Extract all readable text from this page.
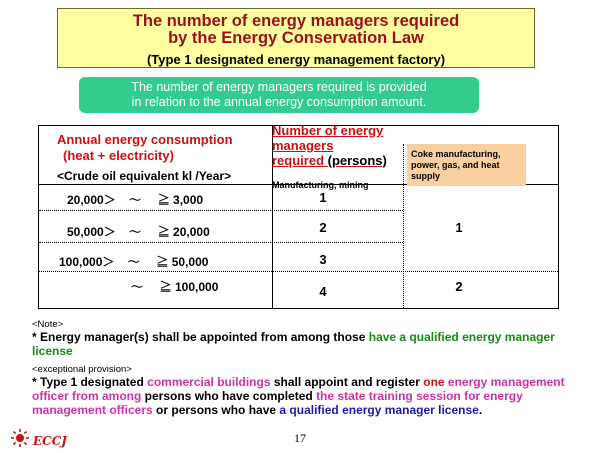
The number of energy managers required
by the Energy Conservation Law
(Type 1 designated energy management factory)
The number of energy managers required is provided
in relation to the annual energy consumption amount.
Annual energy consumption
(heat + electricity)
<Crude oil equivalent kl /Year>
Number of energy managers
required (persons)
Manufacturing, mining
Coke manufacturing, power, gas, and heat supply
20,000＞    ～     ≧ 3,000
50,000＞    ～     ≧ 20,000
100,000＞    ～     ≧ 50,000
～     ≧ 100,000
1
2
3
4
1
2
<Note>
* Energy manager(s) shall be appointed from among those have a qualified energy manager license
<exceptional provision>
* Type 1 designated commercial buildings shall appoint and register one energy management officer from among persons who have completed the state training session for energy management officers or persons who have a qualified energy manager license.
ECCJ	17
